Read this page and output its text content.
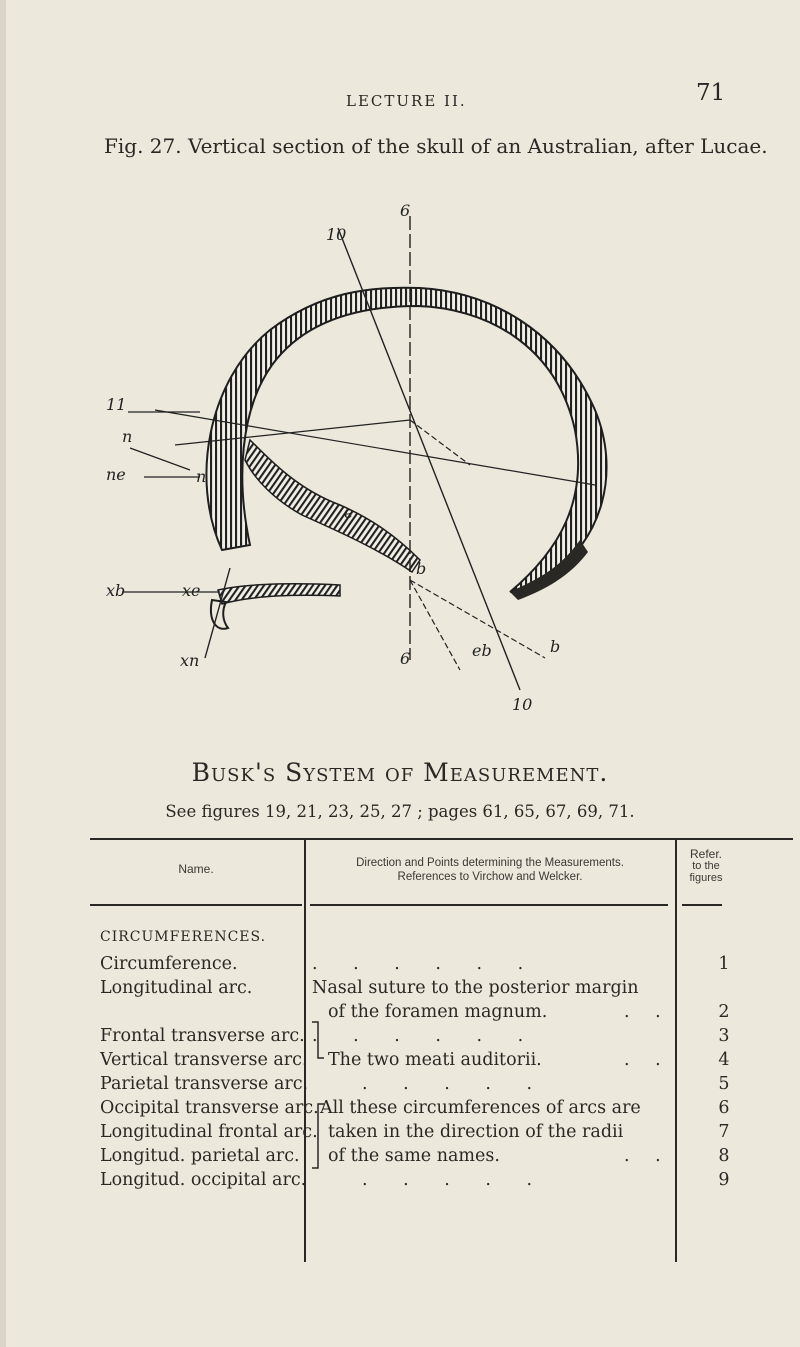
LECTURE II.	71
Fig. 27. Vertical section of the skull of an Australian, after Lucae.
10
6
11
n
ne	n
e
xb	xe
xn
b
6	eb	b
10
Busk's System of Measurement.
See figures 19, 21, 23, 25, 27 ; pages 61, 65, 67, 69, 71.
Name.	Direction and Points determining the Measurements.
References to Virchow and Welcker.
Refer.
to the
figures
CIRCUMFERENCES.
Circumference.	. . . . . .	1
Longitudinal arc.	Nasal suture to the posterior margin
of the foramen magnum.	. .	2
Frontal transverse arc. . . . . . .	3
Vertical transverse arc.	The two meati auditorii.	. .	4
Parietal transverse arc.	. . . . .	5
Occipital transverse arc. All these circumferences of arcs are	6
Longitudinal frontal arc. taken in the direction of the radii	7
Longitud. parietal arc.	of the same names.	. .	8
Longitud. occipital arc.	. . . . .	9
